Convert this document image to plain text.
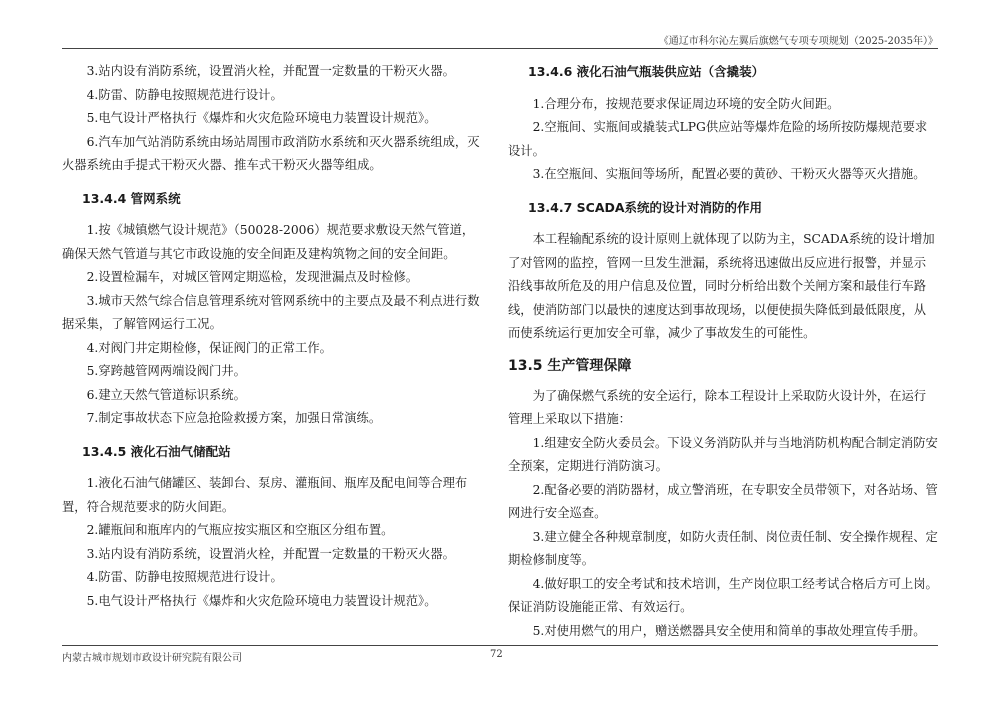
《通辽市科尔沁左翼后旗燃气专项专项规划（2025-2035年）》

3.站内设有消防系统，设置消火栓，并配置一定数量的干粉灭火器。

4.防雷、防静电按照规范进行设计。

5.电气设计严格执行《爆炸和火灾危险环境电力装置设计规范》。

6.汽车加气站消防系统由场站周围市政消防水系统和灭火器系统组成，灭火器系统由手提式干粉灭火器、推车式干粉灭火器等组成。

13.4.4 管网系统

1.按《城镇燃气设计规范》（50028-2006）规范要求敷设天然气管道，确保天然气管道与其它市政设施的安全间距及建构筑物之间的安全间距。

2.设置检漏车，对城区管网定期巡检，发现泄漏点及时检修。

3.城市天然气综合信息管理系统对管网系统中的主要点及最不利点进行数据采集，了解管网运行工况。

4.对阀门井定期检修，保证阀门的正常工作。

5.穿跨越管网两端设阀门井。

6.建立天然气管道标识系统。

7.制定事故状态下应急抢险救援方案，加强日常演练。

13.4.5 液化石油气储配站

1.液化石油气储罐区、装卸台、泵房、灌瓶间、瓶库及配电间等合理布置，符合规范要求的防火间距。

2.罐瓶间和瓶库内的气瓶应按实瓶区和空瓶区分组布置。

3.站内设有消防系统，设置消火栓，并配置一定数量的干粉灭火器。

4.防雷、防静电按照规范进行设计。

5.电气设计严格执行《爆炸和火灾危险环境电力装置设计规范》。

13.4.6 液化石油气瓶装供应站（含撬装）

1.合理分布，按规范要求保证周边环境的安全防火间距。

2.空瓶间、实瓶间或撬装式LPG供应站等爆炸危险的场所按防爆规范要求设计。

3.在空瓶间、实瓶间等场所，配置必要的黄砂、干粉灭火器等灭火措施。

13.4.7 SCADA系统的设计对消防的作用

本工程输配系统的设计原则上就体现了以防为主，SCADA系统的设计增加了对管网的监控，管网一旦发生泄漏，系统将迅速做出反应进行报警，并显示沿线事故所危及的用户信息及位置，同时分析给出数个关闸方案和最佳行车路线，使消防部门以最快的速度达到事故现场，以便使损失降低到最低限度，从而使系统运行更加安全可靠，减少了事故发生的可能性。

13.5 生产管理保障

为了确保燃气系统的安全运行，除本工程设计上采取防火设计外，在运行管理上采取以下措施：

1.组建安全防火委员会。下设义务消防队并与当地消防机构配合制定消防安全预案，定期进行消防演习。

2.配备必要的消防器材，成立警消班，在专职安全员带领下，对各站场、管网进行安全巡查。

3.建立健全各种规章制度，如防火责任制、岗位责任制、安全操作规程、定期检修制度等。

4.做好职工的安全考试和技术培训，生产岗位职工经考试合格后方可上岗。保证消防设施能正常、有效运行。

5.对使用燃气的用户，赠送燃器具安全使用和简单的事故处理宣传手册。

内蒙古城市规划市政设计研究院有限公司	72
